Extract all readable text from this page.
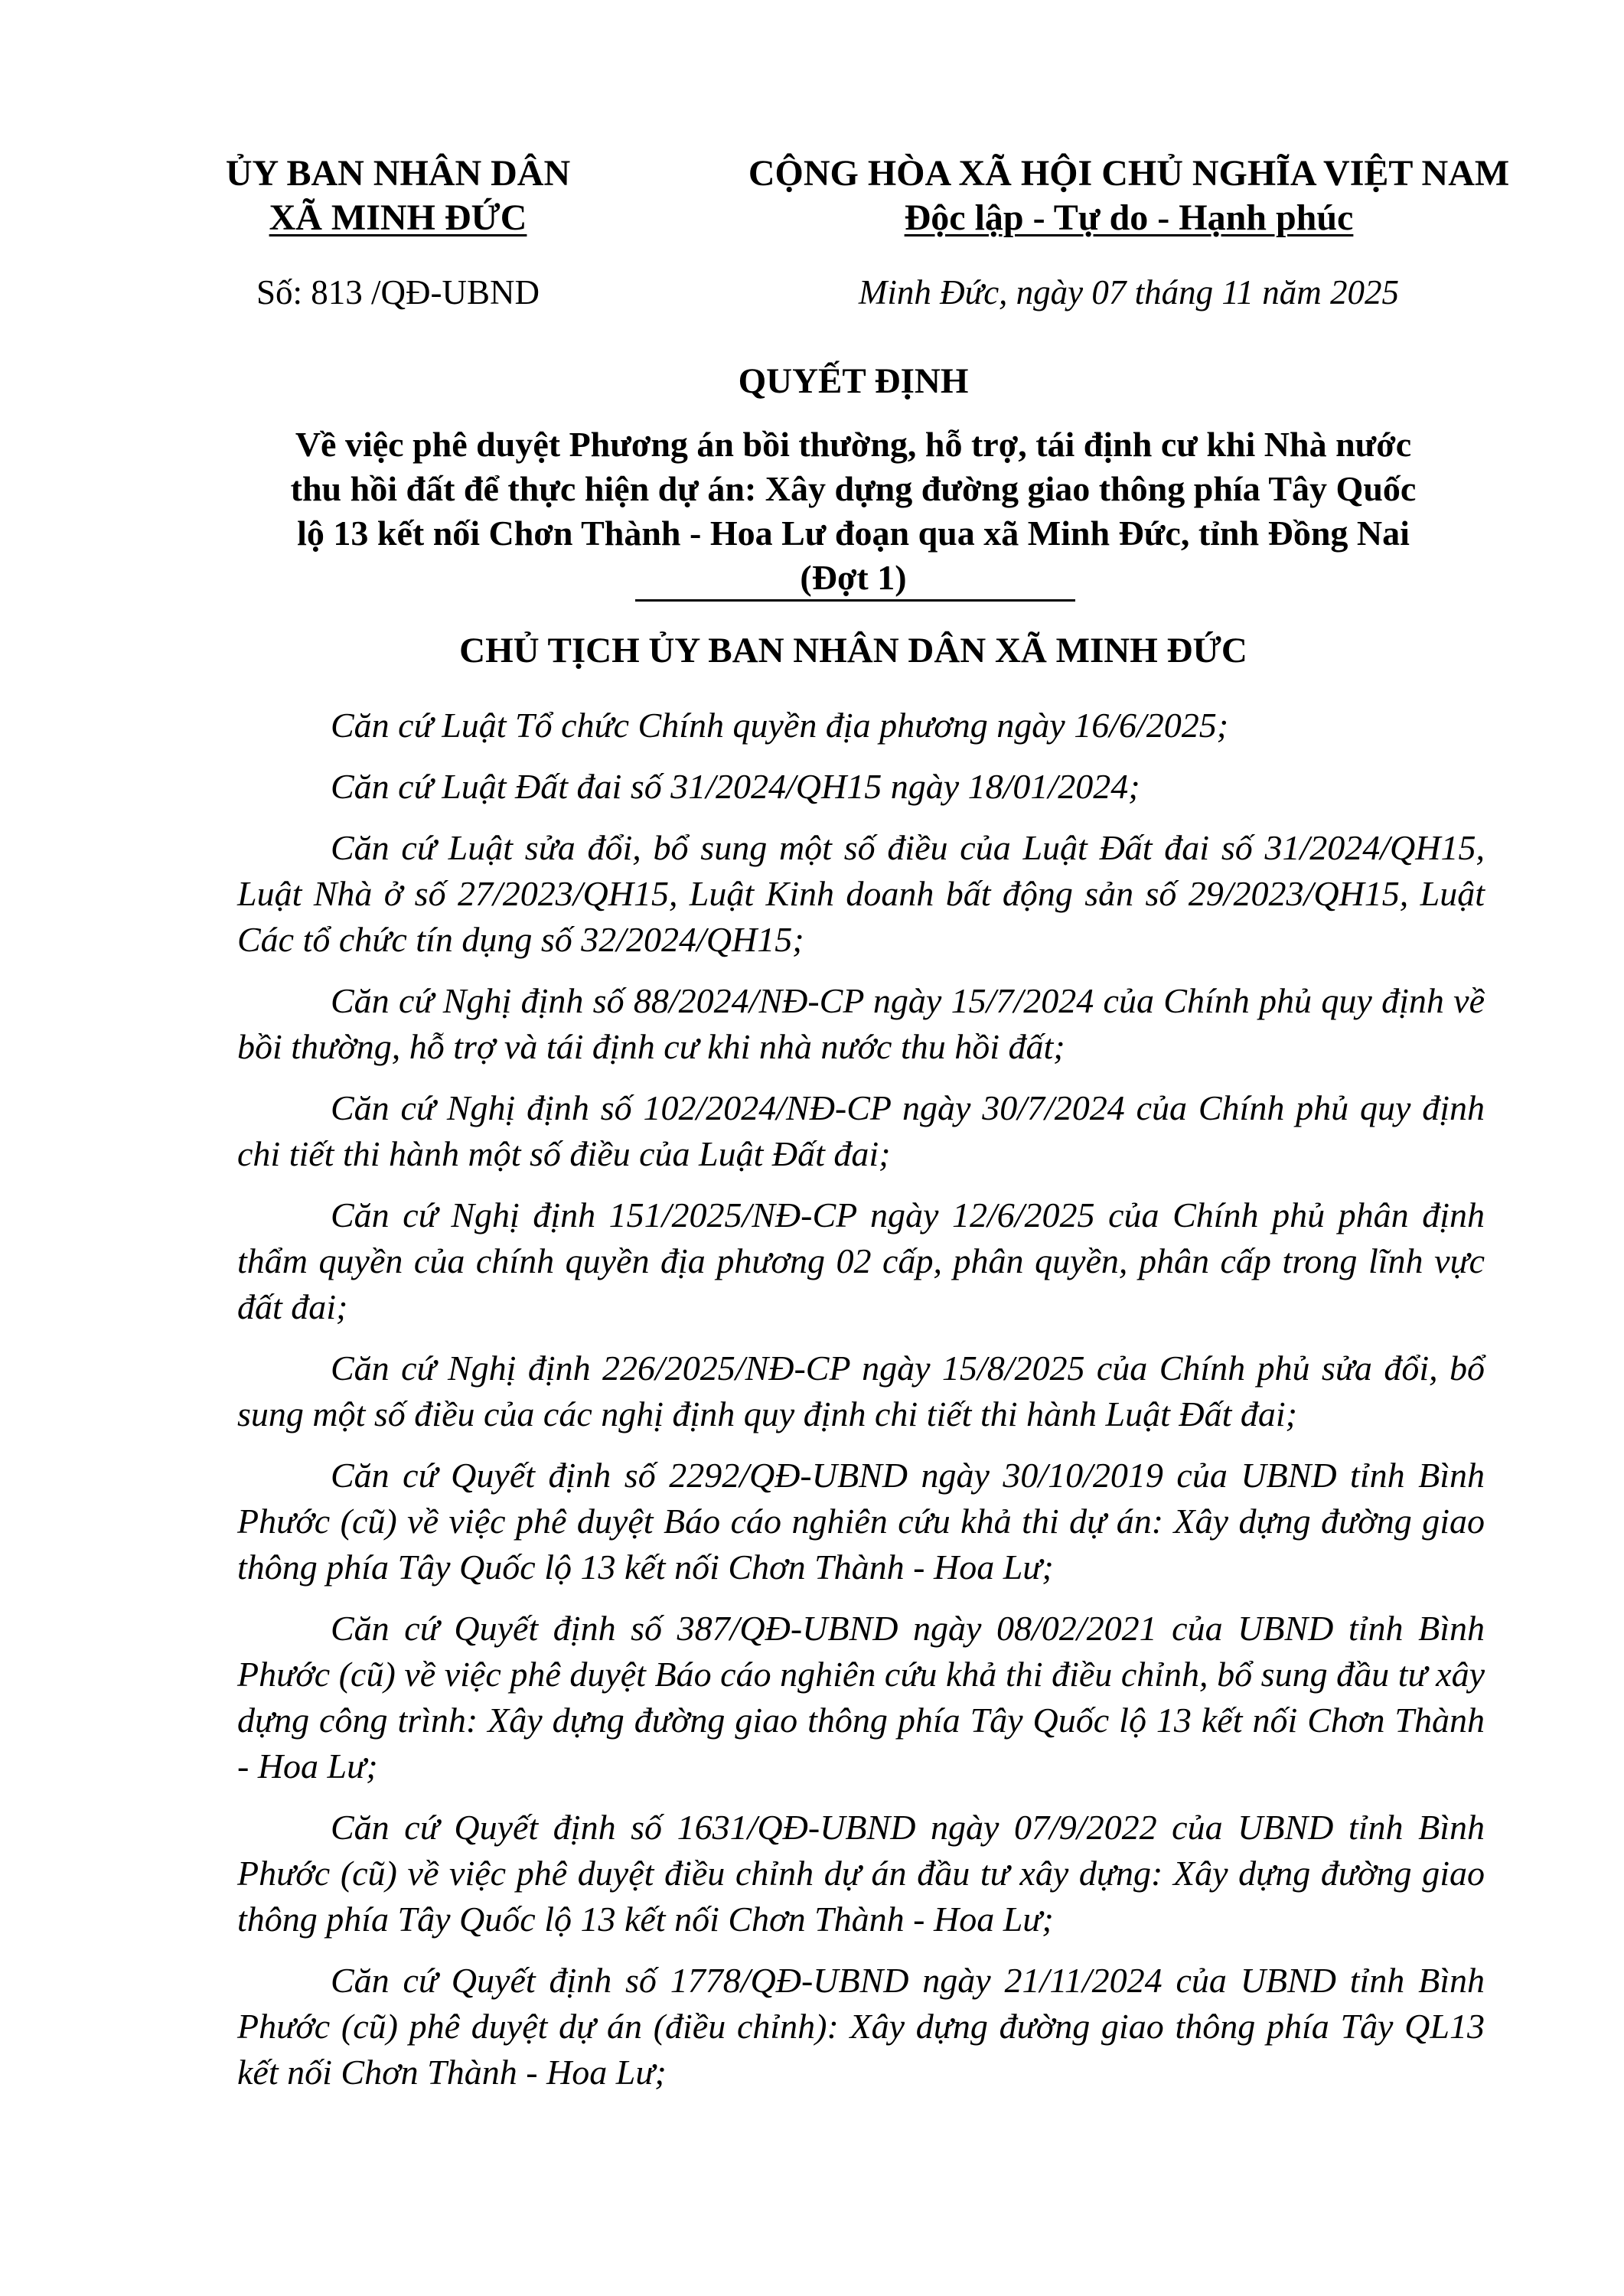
ỦY BAN NHÂN DÂN
XÃ MINH ĐỨC
CỘNG HÒA XÃ HỘI CHỦ NGHĨA VIỆT NAM
Độc lập - Tự do - Hạnh phúc
Số: 813 /QĐ-UBND	Minh Đức, ngày 07 tháng 11 năm 2025
QUYẾT ĐỊNH
Về việc phê duyệt Phương án bồi thường, hỗ trợ, tái định cư khi Nhà nước
thu hồi đất để thực hiện dự án: Xây dựng đường giao thông phía Tây Quốc
lộ 13 kết nối Chơn Thành - Hoa Lư đoạn qua xã Minh Đức, tỉnh Đồng Nai
(Đợt 1)
CHỦ TỊCH ỦY BAN NHÂN DÂN XÃ MINH ĐỨC

Căn cứ Luật Tổ chức Chính quyền địa phương ngày 16/6/2025;

Căn cứ Luật Đất đai số 31/2024/QH15 ngày 18/01/2024;

Căn cứ Luật sửa đổi, bổ sung một số điều của Luật Đất đai số 31/2024/QH15, Luật Nhà ở số 27/2023/QH15, Luật Kinh doanh bất động sản số 29/2023/QH15, Luật Các tổ chức tín dụng số 32/2024/QH15;

Căn cứ Nghị định số 88/2024/NĐ-CP ngày 15/7/2024 của Chính phủ quy định về bồi thường, hỗ trợ và tái định cư khi nhà nước thu hồi đất;

Căn cứ Nghị định số 102/2024/NĐ-CP ngày 30/7/2024 của Chính phủ quy định chi tiết thi hành một số điều của Luật Đất đai;

Căn cứ Nghị định 151/2025/NĐ-CP ngày 12/6/2025 của Chính phủ phân định thẩm quyền của chính quyền địa phương 02 cấp, phân quyền, phân cấp trong lĩnh vực đất đai;

Căn cứ Nghị định 226/2025/NĐ-CP ngày 15/8/2025 của Chính phủ sửa đổi, bổ sung một số điều của các nghị định quy định chi tiết thi hành Luật Đất đai;

Căn cứ Quyết định số 2292/QĐ-UBND ngày 30/10/2019 của UBND tỉnh Bình Phước (cũ) về việc phê duyệt Báo cáo nghiên cứu khả thi dự án: Xây dựng đường giao thông phía Tây Quốc lộ 13 kết nối Chơn Thành - Hoa Lư;

Căn cứ Quyết định số 387/QĐ-UBND ngày 08/02/2021 của UBND tỉnh Bình Phước (cũ) về việc phê duyệt Báo cáo nghiên cứu khả thi điều chỉnh, bổ sung đầu tư xây dựng công trình: Xây dựng đường giao thông phía Tây Quốc lộ 13 kết nối Chơn Thành - Hoa Lư;

Căn cứ Quyết định số 1631/QĐ-UBND ngày 07/9/2022 của UBND tỉnh Bình Phước (cũ) về việc phê duyệt điều chỉnh dự án đầu tư xây dựng: Xây dựng đường giao thông phía Tây Quốc lộ 13 kết nối Chơn Thành - Hoa Lư;

Căn cứ Quyết định số 1778/QĐ-UBND ngày 21/11/2024 của UBND tỉnh Bình Phước (cũ) phê duyệt dự án (điều chỉnh): Xây dựng đường giao thông phía Tây QL13 kết nối Chơn Thành - Hoa Lư;
